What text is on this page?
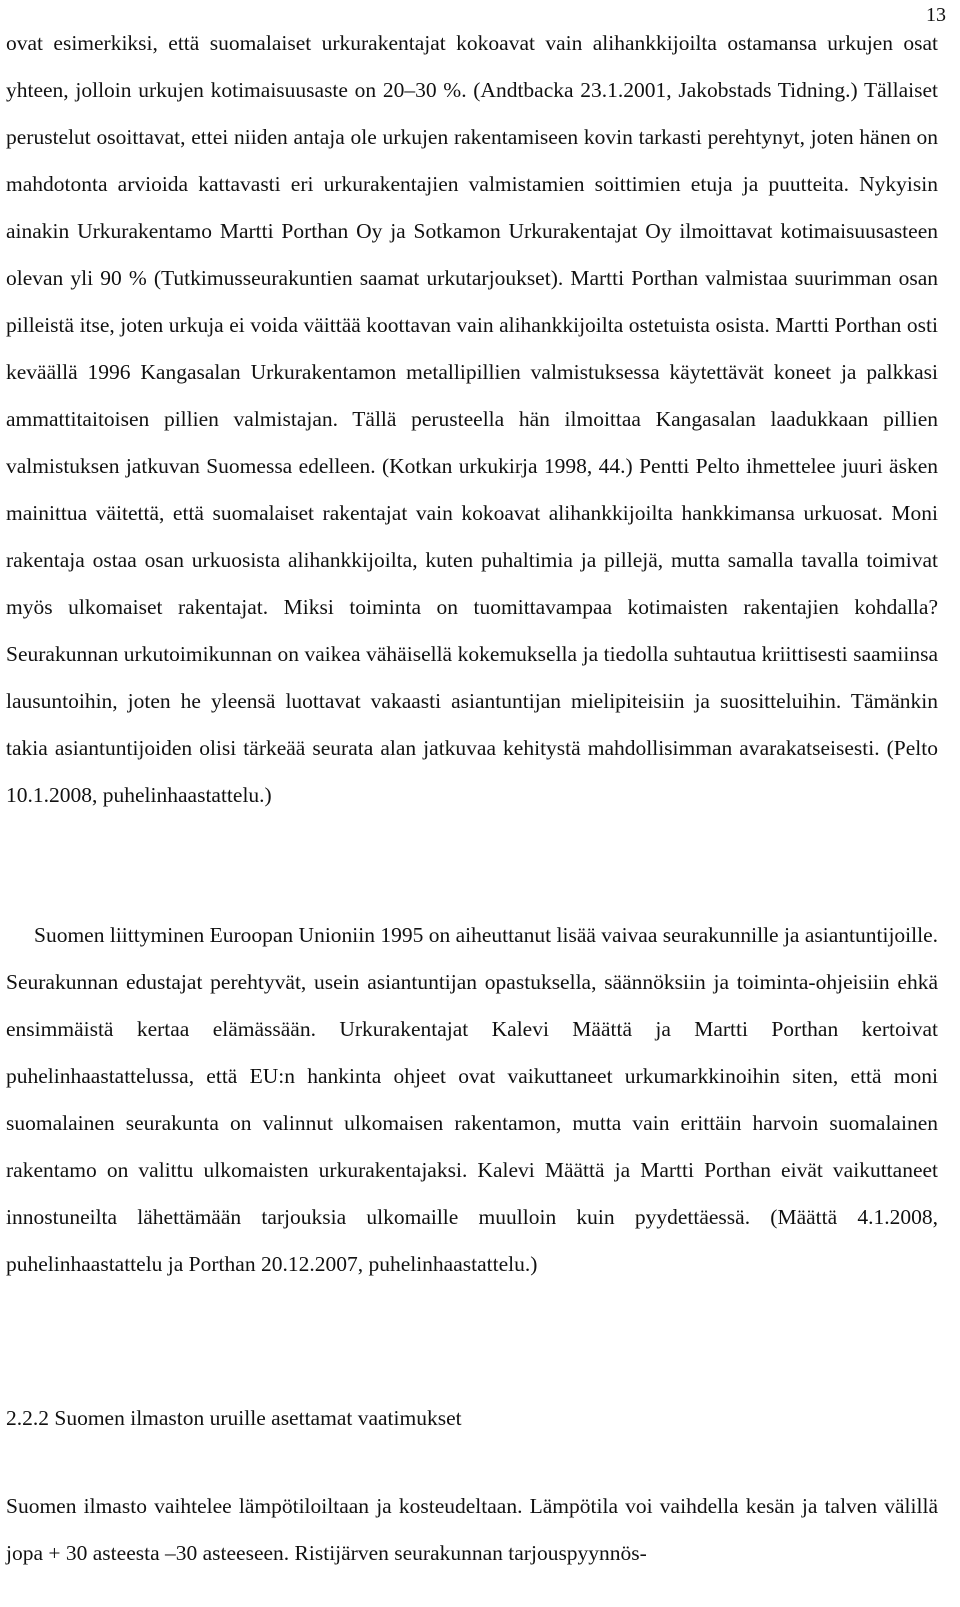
13

ovat esimerkiksi, että suomalaiset urkurakentajat kokoavat vain alihankkijoilta ostamansa urkujen osat yhteen, jolloin urkujen kotimaisuusaste on 20–30 %. (Andtbacka 23.1.2001, Jakobstads Tidning.) Tällaiset perustelut osoittavat, ettei niiden antaja ole urkujen rakentamiseen kovin tarkasti perehtynyt, joten hänen on mahdotonta arvioida kattavasti eri urkurakentajien valmistamien soittimien etuja ja puutteita. Nykyisin ainakin Urkurakentamo Martti Porthan Oy ja Sotkamon Urkurakentajat Oy ilmoittavat kotimaisuusasteen olevan yli 90 % (Tutkimusseurakuntien saamat urkutarjoukset). Martti Porthan valmistaa suurimman osan pilleistä itse, joten urkuja ei voida väittää koottavan vain alihankkijoilta ostetuista osista. Martti Porthan osti keväällä 1996 Kangasalan Urkurakentamon metallipillien valmistuksessa käytettävät koneet ja palkkasi ammattitaitoisen pillien valmistajan. Tällä perusteella hän ilmoittaa Kangasalan laadukkaan pillien valmistuksen jatkuvan Suomessa edelleen. (Kotkan urkukirja 1998, 44.) Pentti Pelto ihmettelee juuri äsken mainittua väitettä, että suomalaiset rakentajat vain kokoavat alihankkijoilta hankkimansa urkuosat. Moni rakentaja ostaa osan urkuosista alihankkijoilta, kuten puhaltimia ja pillejä, mutta samalla tavalla toimivat myös ulkomaiset rakentajat. Miksi toiminta on tuomittavampaa kotimaisten rakentajien kohdalla? Seurakunnan urkutoimikunnan on vaikea vähäisellä kokemuksella ja tiedolla suhtautua kriittisesti saamiinsa lausuntoihin, joten he yleensä luottavat vakaasti asiantuntijan mielipiteisiin ja suositteluihin. Tämänkin takia asiantuntijoiden olisi tärkeää seurata alan jatkuvaa kehitystä mahdollisimman avarakatseisesti. (Pelto 10.1.2008, puhelinhaastattelu.)

Suomen liittyminen Euroopan Unioniin 1995 on aiheuttanut lisää vaivaa seurakunnille ja asiantuntijoille. Seurakunnan edustajat perehtyvät, usein asiantuntijan opastuksella, säännöksiin ja toiminta-ohjeisiin ehkä ensimmäistä kertaa elämässään. Urkurakentajat Kalevi Määttä ja Martti Porthan kertoivat puhelinhaastattelussa, että EU:n hankinta ohjeet ovat vaikuttaneet urkumarkkinoihin siten, että moni suomalainen seurakunta on valinnut ulkomaisen rakentamon, mutta vain erittäin harvoin suomalainen rakentamo on valittu ulkomaisten urkurakentajaksi. Kalevi Määttä ja Martti Porthan eivät vaikuttaneet innostuneilta lähettämään tarjouksia ulkomaille muulloin kuin pyydettäessä. (Määttä 4.1.2008, puhelinhaastattelu ja Porthan 20.12.2007, puhelinhaastattelu.)

2.2.2 Suomen ilmaston uruille asettamat vaatimukset

Suomen ilmasto vaihtelee lämpötiloiltaan ja kosteudeltaan. Lämpötila voi vaihdella kesän ja talven välillä jopa + 30 asteesta –30 asteeseen. Ristijärven seurakunnan tarjouspyynnös-
